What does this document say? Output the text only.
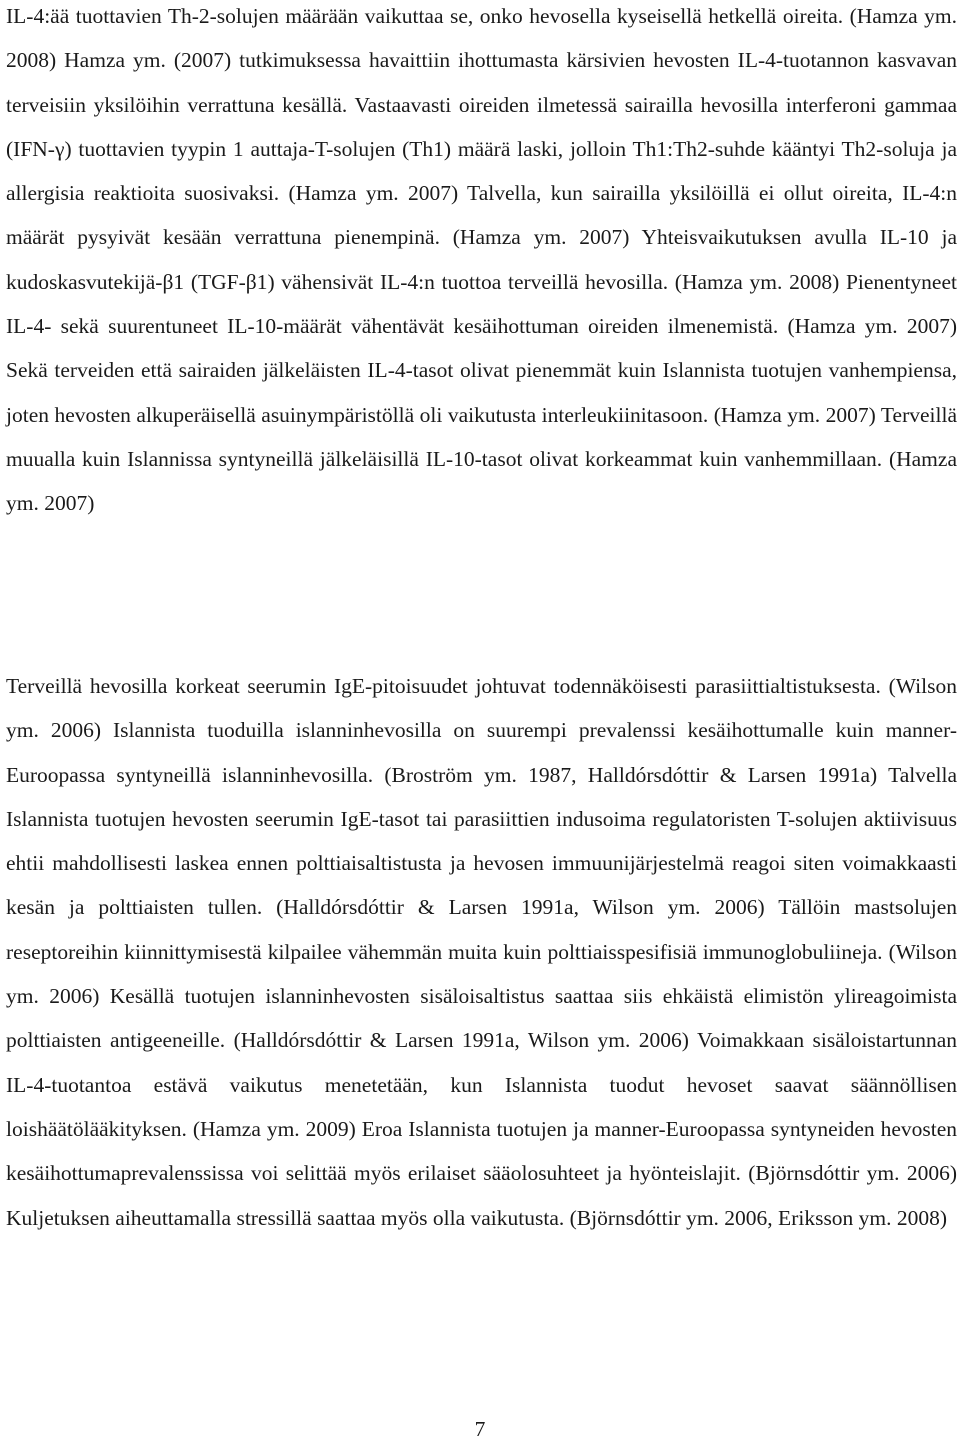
IL-4:ää tuottavien Th-2-solujen määrään vaikuttaa se, onko hevosella kyseisellä hetkellä oireita. (Hamza ym. 2008) Hamza ym. (2007) tutkimuksessa havaittiin ihottumasta kärsivien hevosten IL-4-tuotannon kasvavan terveisiin yksilöihin verrattuna kesällä. Vastaavasti oireiden ilmetessä sairailla hevosilla interferoni gammaa (IFN-γ) tuottavien tyypin 1 auttaja-T-solujen (Th1) määrä laski, jolloin Th1:Th2-suhde kääntyi Th2-soluja ja allergisia reaktioita suosivaksi. (Hamza ym. 2007) Talvella, kun sairailla yksilöillä ei ollut oireita, IL-4:n määrät pysyivät kesään verrattuna pienempinä. (Hamza ym. 2007) Yhteisvaikutuksen avulla IL-10 ja kudoskasvutekijä-β1 (TGF-β1) vähensivät IL-4:n tuottoa terveillä hevosilla. (Hamza ym. 2008) Pienentyneet IL-4- sekä suurentuneet IL-10-määrät vähentävät kesäihottuman oireiden ilmenemistä. (Hamza ym. 2007) Sekä terveiden että sairaiden jälkeläisten IL-4-tasot olivat pienemmät kuin Islannista tuotujen vanhempiensa, joten hevosten alkuperäisellä asuinympäristöllä oli vaikutusta interleukiinitasoon. (Hamza ym. 2007) Terveillä muualla kuin Islannissa syntyneillä jälkeläisillä IL-10-tasot olivat korkeammat kuin vanhemmillaan. (Hamza ym. 2007)

Terveillä hevosilla korkeat seerumin IgE-pitoisuudet johtuvat todennäköisesti parasiittialtistuksesta. (Wilson ym. 2006) Islannista tuoduilla islanninhevosilla on suurempi prevalenssi kesäihottumalle kuin manner-Euroopassa syntyneillä islanninhevosilla. (Broström ym. 1987, Halldórsdóttir & Larsen 1991a) Talvella Islannista tuotujen hevosten seerumin IgE-tasot tai parasiittien indusoima regulatoristen T-solujen aktiivisuus ehtii mahdollisesti laskea ennen polttiaisaltistusta ja hevosen immuunijärjestelmä reagoi siten voimakkaasti kesän ja polttiaisten tullen. (Halldórsdóttir & Larsen 1991a, Wilson ym. 2006) Tällöin mastsolujen reseptoreihin kiinnittymisestä kilpailee vähemmän muita kuin polttiaisspesifisiä immunoglobuliineja. (Wilson ym. 2006) Kesällä tuotujen islanninhevosten sisäloisaltistus saattaa siis ehkäistä elimistön ylireagoimista polttiaisten antigeeneille. (Halldórsdóttir & Larsen 1991a, Wilson ym. 2006) Voimakkaan sisäloistartunnan IL-4-tuotantoa estävä vaikutus menetetään, kun Islannista tuodut hevoset saavat säännöllisen loishäätölääkityksen. (Hamza ym. 2009) Eroa Islannista tuotujen ja manner-Euroopassa syntyneiden hevosten kesäihottumaprevalenssissa voi selittää myös erilaiset sääolosuhteet ja hyönteislajit. (Björnsdóttir ym. 2006) Kuljetuksen aiheuttamalla stressillä saattaa myös olla vaikutusta. (Björnsdóttir ym. 2006, Eriksson ym. 2008)

7
